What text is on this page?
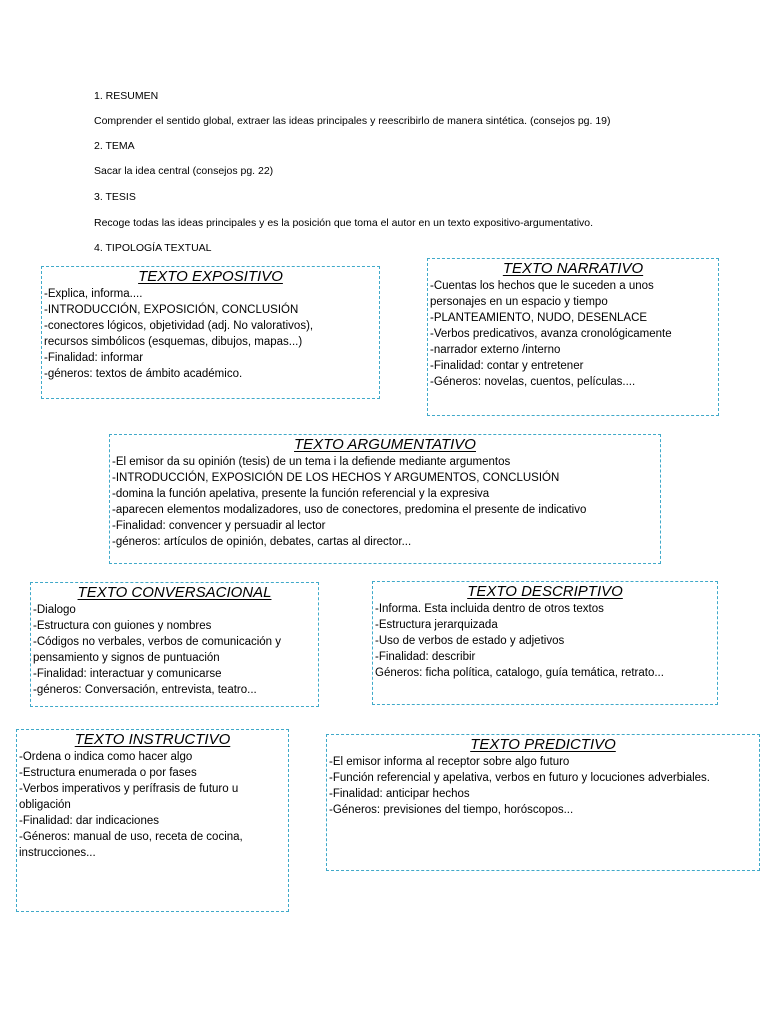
1. RESUMEN
Comprender el sentido global, extraer las ideas principales y reescribirlo de manera sintética. (consejos pg. 19)
2. TEMA
Sacar la idea central (consejos pg. 22)
3. TESIS
Recoge todas las ideas principales y es la posición que toma el autor en un texto expositivo-argumentativo.
4. TIPOLOGÍA TEXTUAL
TEXTO EXPOSITIVO
-Explica, informa....
-INTRODUCCIÓN, EXPOSICIÓN, CONCLUSIÓN
-conectores lógicos, objetividad (adj. No valorativos),
recursos simbólicos (esquemas, dibujos, mapas...)
-Finalidad: informar
-géneros: textos de ámbito académico.
TEXTO NARRATIVO
-Cuentas los hechos que le suceden a unos
personajes en un espacio y tiempo
-PLANTEAMIENTO, NUDO, DESENLACE
-Verbos predicativos, avanza cronológicamente
-narrador externo /interno
-Finalidad: contar y entretener
-Géneros: novelas, cuentos, películas....
TEXTO ARGUMENTATIVO
-El emisor da su opinión (tesis) de un tema i la defiende mediante argumentos
-INTRODUCCIÓN, EXPOSICIÓN DE LOS HECHOS Y ARGUMENTOS, CONCLUSIÓN
-domina la función apelativa, presente la función referencial y la expresiva
-aparecen elementos modalizadores, uso de conectores, predomina el presente de indicativo
-Finalidad: convencer y persuadir al lector
-géneros: artículos de opinión, debates, cartas al director...
TEXTO CONVERSACIONAL
-Dialogo
-Estructura con guiones y nombres
-Códigos no verbales, verbos de comunicación y
pensamiento y signos de puntuación
-Finalidad: interactuar y comunicarse
-géneros: Conversación, entrevista, teatro...
TEXTO DESCRIPTIVO
-Informa. Esta incluida dentro de otros textos
-Estructura jerarquizada
-Uso de verbos de estado y adjetivos
-Finalidad: describir
Géneros: ficha política, catalogo, guía temática, retrato...
TEXTO INSTRUCTIVO
-Ordena o indica como hacer algo
-Estructura enumerada o por fases
-Verbos imperativos y perífrasis de futuro u
obligación
-Finalidad: dar indicaciones
-Géneros: manual de uso, receta de cocina,
instrucciones...
TEXTO PREDICTIVO
-El emisor informa al receptor sobre algo futuro
-Función referencial y apelativa, verbos en futuro y locuciones adverbiales.
-Finalidad: anticipar hechos
-Géneros: previsiones del tiempo, horóscopos...
